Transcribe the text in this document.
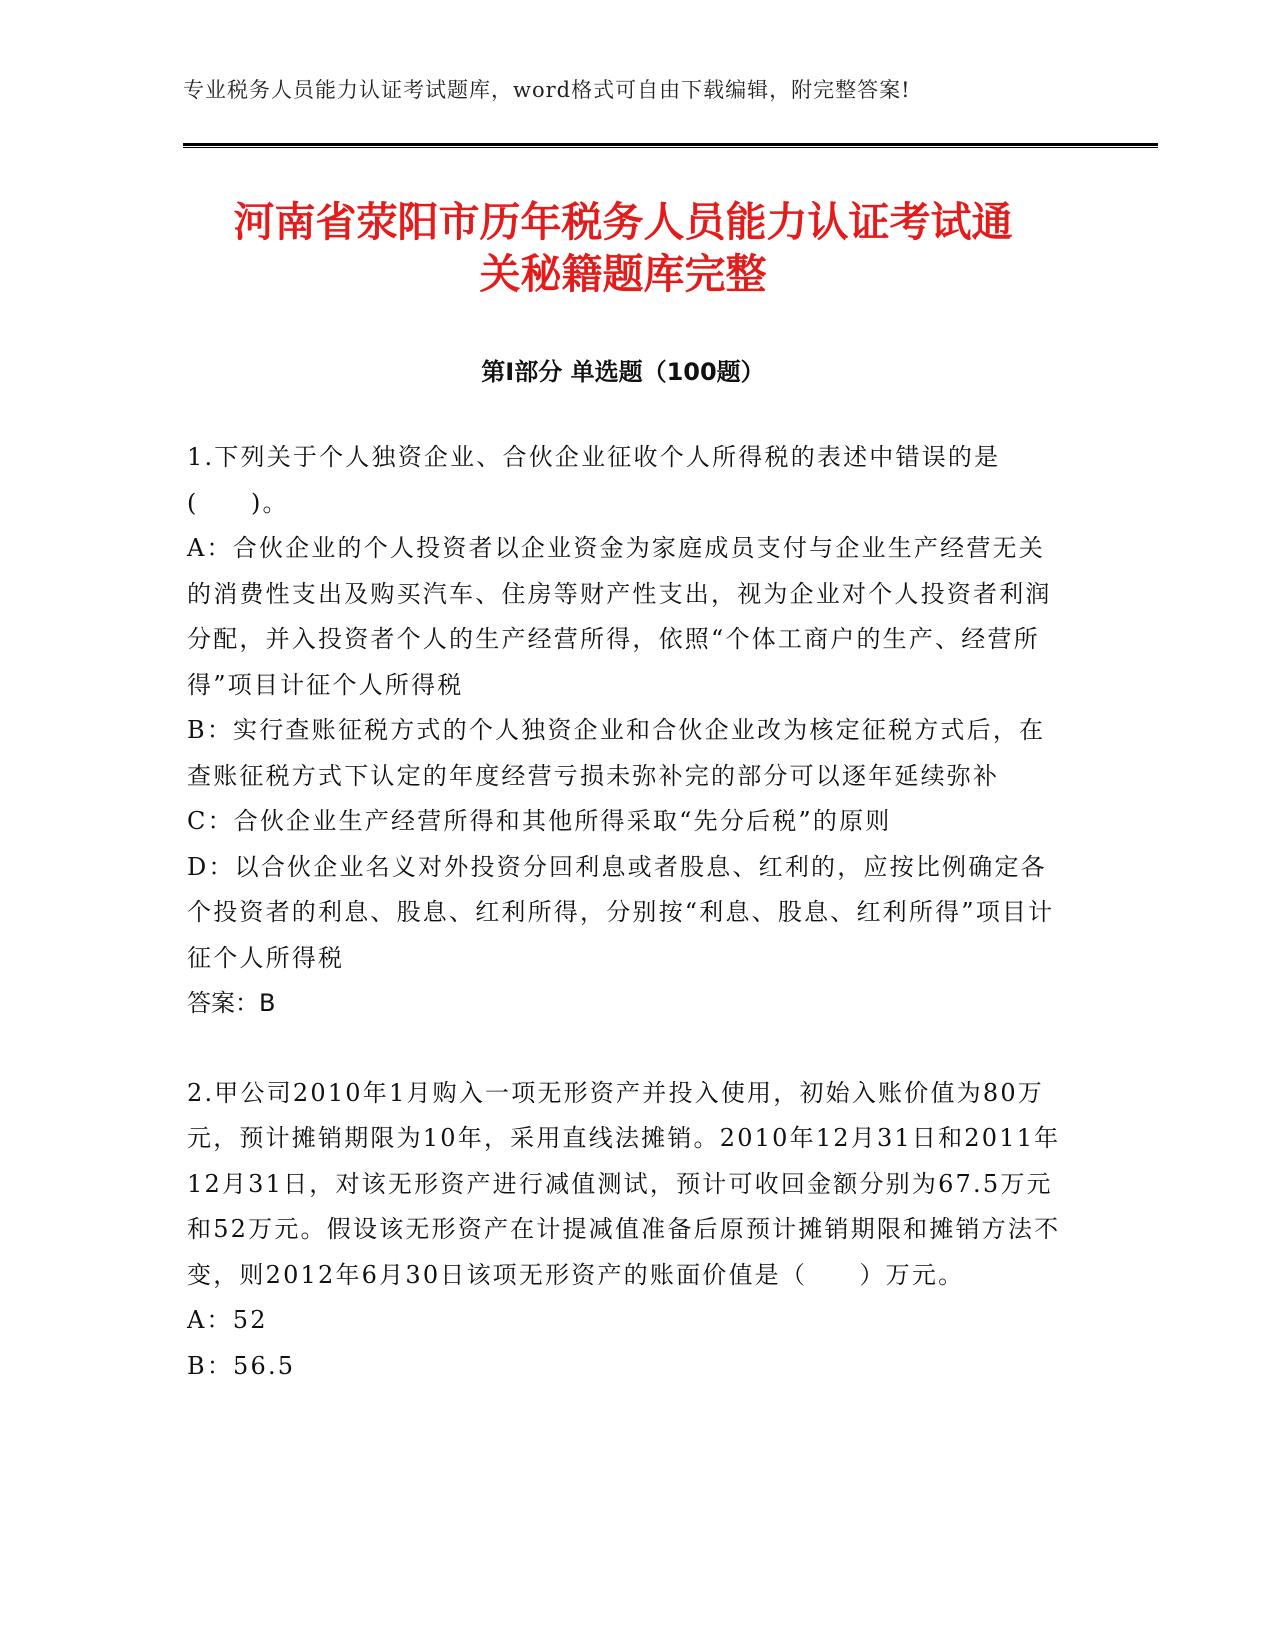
专业税务人员能力认证考试题库，word格式可自由下载编辑，附完整答案!
河南省荥阳市历年税务人员能力认证考试通
关秘籍题库完整
第Ⅰ部分 单选题（100题）

1.下列关于个人独资企业、合伙企业征收个人所得税的表述中错误的是(　　)。

A：合伙企业的个人投资者以企业资金为家庭成员支付与企业生产经营无关的消费性支出及购买汽车、住房等财产性支出，视为企业对个人投资者利润分配，并入投资者个人的生产经营所得，依照“个体工商户的生产、经营所得”项目计征个人所得税

B：实行查账征税方式的个人独资企业和合伙企业改为核定征税方式后，在查账征税方式下认定的年度经营亏损未弥补完的部分可以逐年延续弥补

C：合伙企业生产经营所得和其他所得采取“先分后税”的原则

D：以合伙企业名义对外投资分回利息或者股息、红利的，应按比例确定各个投资者的利息、股息、红利所得，分别按“利息、股息、红利所得”项目计征个人所得税

答案：B

2.甲公司2010年1月购入一项无形资产并投入使用，初始入账价值为80万元，预计摊销期限为10年，采用直线法摊销。2010年12月31日和2011年12月31日，对该无形资产进行减值测试，预计可收回金额分别为67.5万元和52万元。假设该无形资产在计提减值准备后原预计摊销期限和摊销方法不变，则2012年6月30日该项无形资产的账面价值是（　　）万元。

A：52

B：56.5
